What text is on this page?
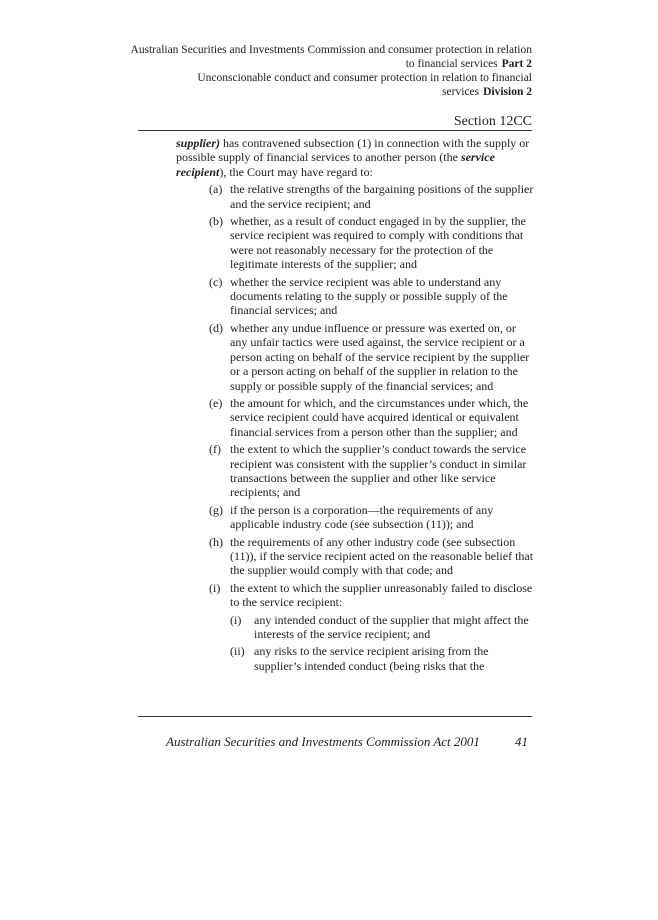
Australian Securities and Investments Commission and consumer protection in relation
to financial services Part 2
Unconscionable conduct and consumer protection in relation to financial
services Division 2
Section 12CC

supplier) has contravened subsection (1) in connection with the supply or possible supply of financial services to another person (the service recipient), the Court may have regard to:

(a) the relative strengths of the bargaining positions of the supplier and the service recipient; and
(b) whether, as a result of conduct engaged in by the supplier, the service recipient was required to comply with conditions that were not reasonably necessary for the protection of the legitimate interests of the supplier; and
(c) whether the service recipient was able to understand any documents relating to the supply or possible supply of the financial services; and
(d) whether any undue influence or pressure was exerted on, or any unfair tactics were used against, the service recipient or a person acting on behalf of the service recipient by the supplier or a person acting on behalf of the supplier in relation to the supply or possible supply of the financial services; and
(e) the amount for which, and the circumstances under which, the service recipient could have acquired identical or equivalent financial services from a person other than the supplier; and
(f) the extent to which the supplier’s conduct towards the service recipient was consistent with the supplier’s conduct in similar transactions between the supplier and other like service recipients; and
(g) if the person is a corporation—the requirements of any applicable industry code (see subsection (11)); and
(h) the requirements of any other industry code (see subsection (11)), if the service recipient acted on the reasonable belief that the supplier would comply with that code; and
(i) the extent to which the supplier unreasonably failed to disclose to the service recipient:
(i) any intended conduct of the supplier that might affect the interests of the service recipient; and
(ii) any risks to the service recipient arising from the supplier’s intended conduct (being risks that the
Australian Securities and Investments Commission Act 2001	41
